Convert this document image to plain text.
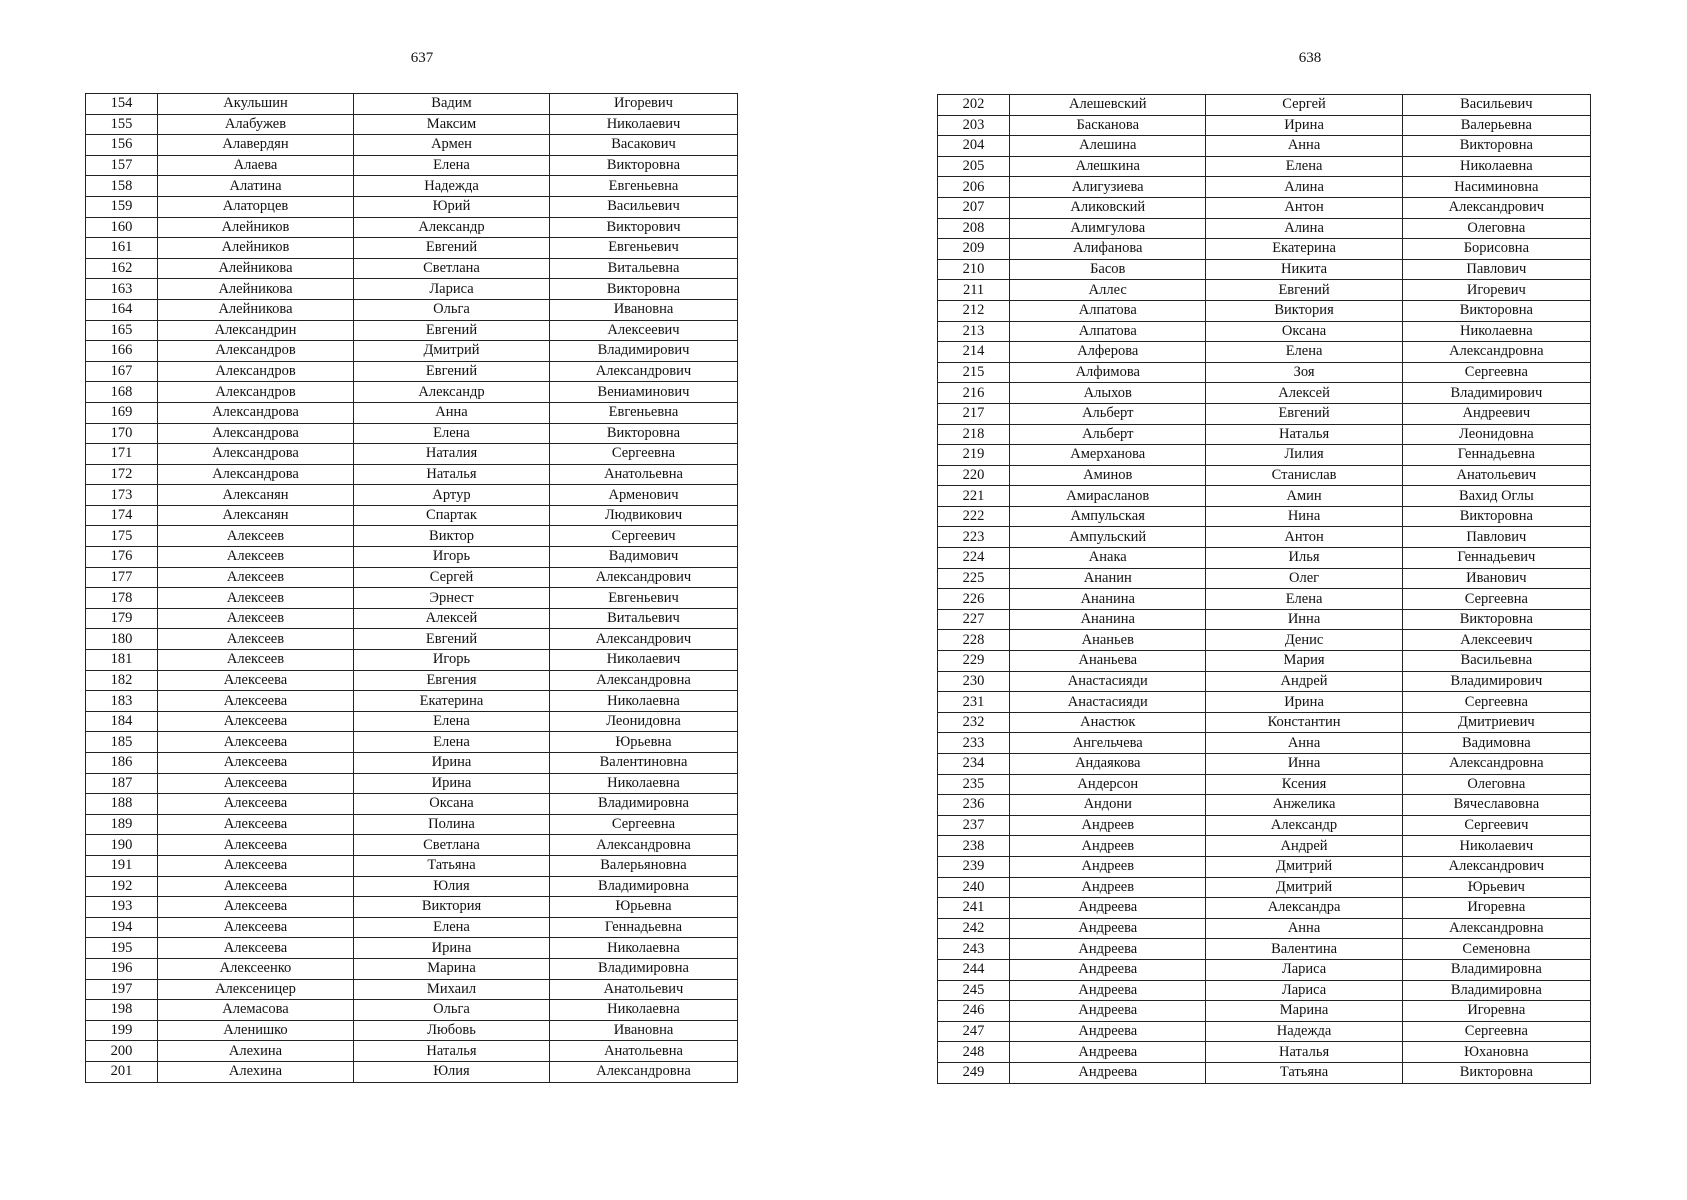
637
154	Акульшин	Вадим	Игоревич
155	Алабужев	Максим	Николаевич
156	Алавердян	Армен	Васакович
157	Алаева	Елена	Викторовна
158	Алатина	Надежда	Евгеньевна
159	Алаторцев	Юрий	Васильевич
160	Алейников	Александр	Викторович
161	Алейников	Евгений	Евгеньевич
162	Алейникова	Светлана	Витальевна
163	Алейникова	Лариса	Викторовна
164	Алейникова	Ольга	Ивановна
165	Александрин	Евгений	Алексеевич
166	Александров	Дмитрий	Владимирович
167	Александров	Евгений	Александрович
168	Александров	Александр	Вениаминович
169	Александрова	Анна	Евгеньевна
170	Александрова	Елена	Викторовна
171	Александрова	Наталия	Сергеевна
172	Александрова	Наталья	Анатольевна
173	Алексанян	Артур	Арменович
174	Алексанян	Спартак	Людвикович
175	Алексеев	Виктор	Сергеевич
176	Алексеев	Игорь	Вадимович
177	Алексеев	Сергей	Александрович
178	Алексеев	Эрнест	Евгеньевич
179	Алексеев	Алексей	Витальевич
180	Алексеев	Евгений	Александрович
181	Алексеев	Игорь	Николаевич
182	Алексеева	Евгения	Александровна
183	Алексеева	Екатерина	Николаевна
184	Алексеева	Елена	Леонидовна
185	Алексеева	Елена	Юрьевна
186	Алексеева	Ирина	Валентиновна
187	Алексеева	Ирина	Николаевна
188	Алексеева	Оксана	Владимировна
189	Алексеева	Полина	Сергеевна
190	Алексеева	Светлана	Александровна
191	Алексеева	Татьяна	Валерьяновна
192	Алексеева	Юлия	Владимировна
193	Алексеева	Виктория	Юрьевна
194	Алексеева	Елена	Геннадьевна
195	Алексеева	Ирина	Николаевна
196	Алексеенко	Марина	Владимировна
197	Алексеницер	Михаил	Анатольевич
198	Алемасова	Ольга	Николаевна
199	Аленишко	Любовь	Ивановна
200	Алехина	Наталья	Анатольевна
201	Алехина	Юлия	Александровна
638
202	Алешевский	Сергей	Васильевич
203	Басканова	Ирина	Валерьевна
204	Алешина	Анна	Викторовна
205	Алешкина	Елена	Николаевна
206	Алигузиева	Алина	Насиминовна
207	Аликовский	Антон	Александрович
208	Алимгулова	Алина	Олеговна
209	Алифанова	Екатерина	Борисовна
210	Басов	Никита	Павлович
211	Аллес	Евгений	Игоревич
212	Алпатова	Виктория	Викторовна
213	Алпатова	Оксана	Николаевна
214	Алферова	Елена	Александровна
215	Алфимова	Зоя	Сергеевна
216	Алыхов	Алексей	Владимирович
217	Альберт	Евгений	Андреевич
218	Альберт	Наталья	Леонидовна
219	Амерханова	Лилия	Геннадьевна
220	Аминов	Станислав	Анатольевич
221	Амирасланов	Амин	Вахид Оглы
222	Ампульская	Нина	Викторовна
223	Ампульский	Антон	Павлович
224	Анака	Илья	Геннадьевич
225	Ананин	Олег	Иванович
226	Ананина	Елена	Сергеевна
227	Ананина	Инна	Викторовна
228	Ананьев	Денис	Алексеевич
229	Ананьева	Мария	Васильевна
230	Анастасияди	Андрей	Владимирович
231	Анастасияди	Ирина	Сергеевна
232	Анастюк	Константин	Дмитриевич
233	Ангельчева	Анна	Вадимовна
234	Андаякова	Инна	Александровна
235	Андерсон	Ксения	Олеговна
236	Андони	Анжелика	Вячеславовна
237	Андреев	Александр	Сергеевич
238	Андреев	Андрей	Николаевич
239	Андреев	Дмитрий	Александрович
240	Андреев	Дмитрий	Юрьевич
241	Андреева	Александра	Игоревна
242	Андреева	Анна	Александровна
243	Андреева	Валентина	Семеновна
244	Андреева	Лариса	Владимировна
245	Андреева	Лариса	Владимировна
246	Андреева	Марина	Игоревна
247	Андреева	Надежда	Сергеевна
248	Андреева	Наталья	Юхановна
249	Андреева	Татьяна	Викторовна
